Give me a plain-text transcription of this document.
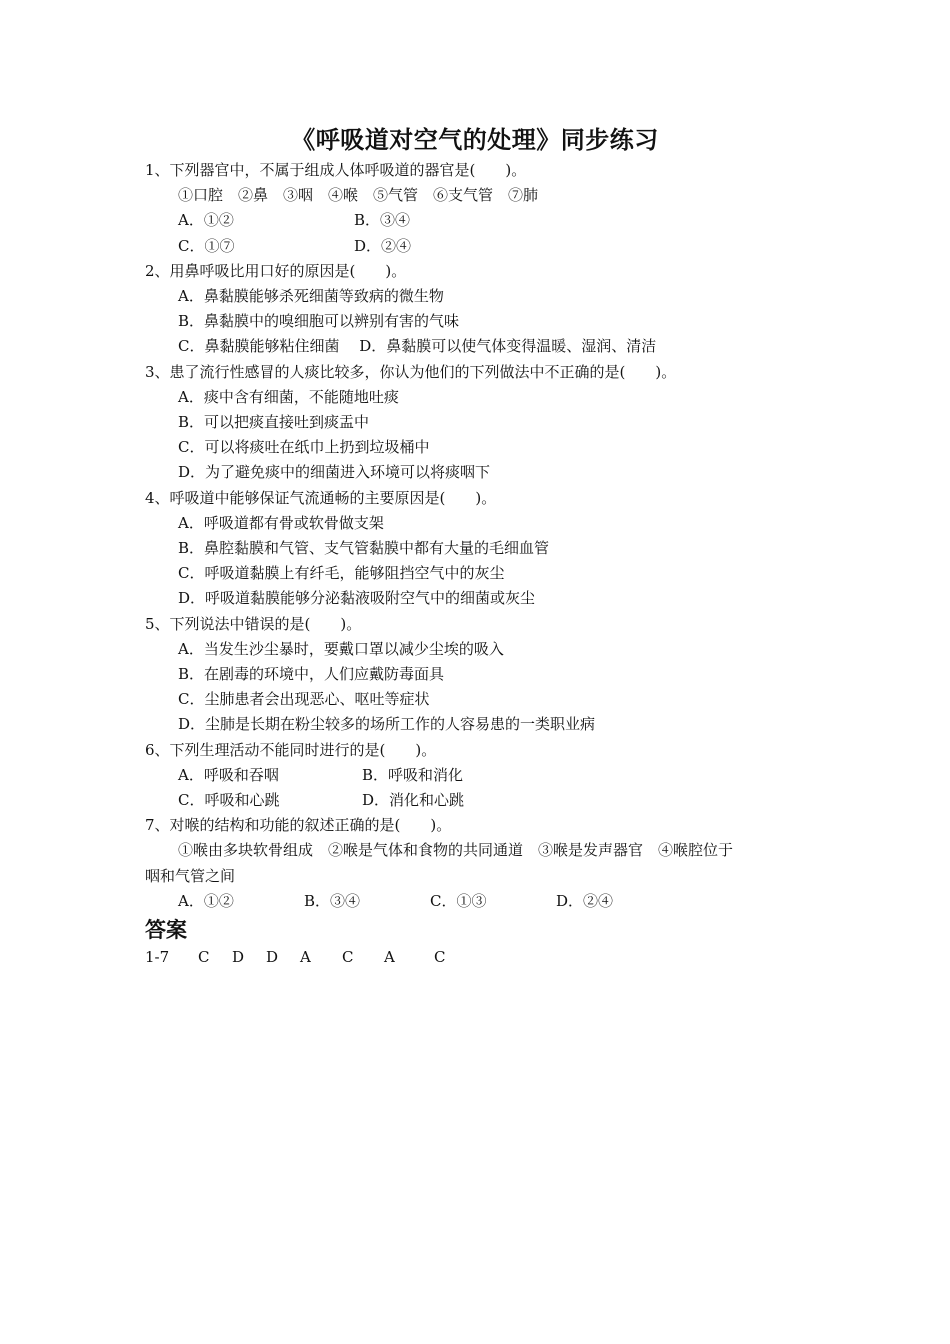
《呼吸道对空气的处理》同步练习
1、下列器官中，不属于组成人体呼吸道的器官是(　　)。
①口腔　②鼻　③咽　④喉　⑤气管　⑥支气管　⑦肺
A．①②	B．③④
C．①⑦	D．②④
2、用鼻呼吸比用口好的原因是(　　)。
A．鼻黏膜能够杀死细菌等致病的微生物
B．鼻黏膜中的嗅细胞可以辨别有害的气味
C．鼻黏膜能够粘住细菌　 D．鼻黏膜可以使气体变得温暖、湿润、清洁
3、患了流行性感冒的人痰比较多，你认为他们的下列做法中不正确的是(　　)。
A．痰中含有细菌，不能随地吐痰
B．可以把痰直接吐到痰盂中
C．可以将痰吐在纸巾上扔到垃圾桶中
D．为了避免痰中的细菌进入环境可以将痰咽下
4、呼吸道中能够保证气流通畅的主要原因是(　　)。
A．呼吸道都有骨或软骨做支架
B．鼻腔黏膜和气管、支气管黏膜中都有大量的毛细血管
C．呼吸道黏膜上有纤毛，能够阻挡空气中的灰尘
D．呼吸道黏膜能够分泌黏液吸附空气中的细菌或灰尘
5、下列说法中错误的是(　　)。
A．当发生沙尘暴时，要戴口罩以减少尘埃的吸入
B．在剧毒的环境中，人们应戴防毒面具
C．尘肺患者会出现恶心、呕吐等症状
D．尘肺是长期在粉尘较多的场所工作的人容易患的一类职业病
6、下列生理活动不能同时进行的是(　　)。
A．呼吸和吞咽	B．呼吸和消化
C．呼吸和心跳	D．消化和心跳
7、对喉的结构和功能的叙述正确的是(　　)。
①喉由多块软骨组成　②喉是气体和食物的共同通道　③喉是发声器官　④喉腔位于
咽和气管之间
A．①②	B．③④	C．①③	D．②④
答案
1-7 C D D A C A	C
